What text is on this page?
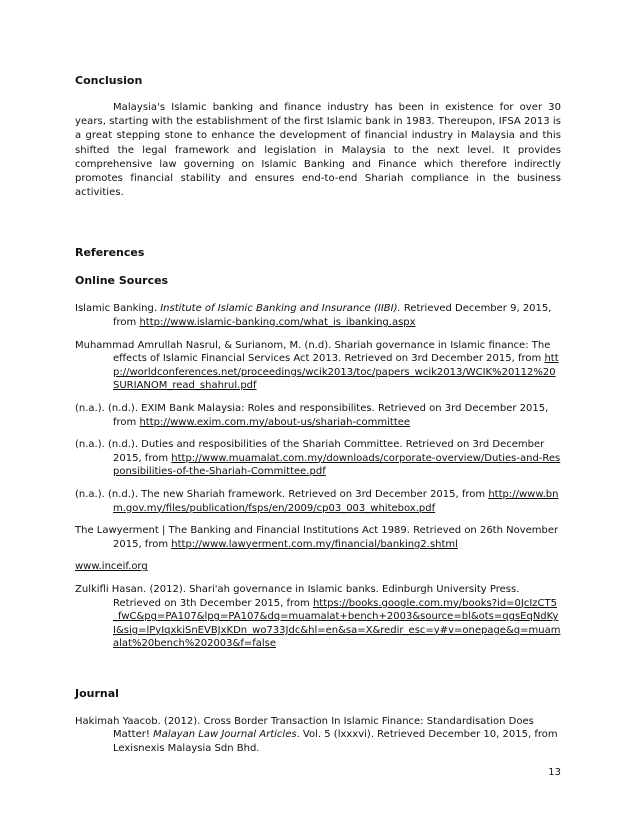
Conclusion

Malaysia's Islamic banking and finance industry has been in existence for over 30 years, starting with the establishment of the first Islamic bank in 1983. Thereupon, IFSA 2013 is a great stepping stone to enhance the development of financial industry in Malaysia and this shifted the legal framework and legislation in Malaysia to the next level. It provides comprehensive law governing on Islamic Banking and Finance which therefore indirectly promotes financial stability and ensures end-to-end Shariah compliance in the business activities.

References

Online Sources

Islamic Banking. Institute of Islamic Banking and Insurance (IIBI). Retrieved December 9, 2015, from http://www.islamic-banking.com/what_is_ibanking.aspx

Muhammad Amrullah Nasrul, & Surianom, M. (n.d). Shariah governance in Islamic finance: The effects of Islamic Financial Services Act 2013. Retrieved on 3rd December 2015, from http://worldconferences.net/proceedings/wcik2013/toc/papers_wcik2013/WCIK%20112%20SURIANOM_read_shahrul.pdf

(n.a.). (n.d.). EXIM Bank Malaysia: Roles and responsibilites. Retrieved on 3rd December 2015, from http://www.exim.com.my/about-us/shariah-committee

(n.a.). (n.d.). Duties and resposibilities of the Shariah Committee. Retrieved on 3rd December 2015, from http://www.muamalat.com.my/downloads/corporate-overview/Duties-and-Responsibilities-of-the-Shariah-Committee.pdf

(n.a.). (n.d.). The new Shariah framework. Retrieved on 3rd December 2015, from http://www.bnm.gov.my/files/publication/fsps/en/2009/cp03_003_whitebox.pdf

The Lawyerment | The Banking and Financial Institutions Act 1989. Retrieved on 26th November 2015, from http://www.lawyerment.com.my/financial/banking2.shtml

www.inceif.org

Zulkifli Hasan. (2012). Shari'ah governance in Islamic banks. Edinburgh University Press. Retrieved on 3th December 2015, from https://books.google.com.my/books?id=0JcIzCT5_fwC&pg=PA107&lpg=PA107&dq=muamalat+bench+2003&source=bl&ots=qgsEqNdKyI&sig=lPyIqxkiSnEVBJxKDn_wo733Jdc&hl=en&sa=X&redir_esc=y#v=onepage&q=muamalat%20bench%202003&f=false

Journal

Hakimah Yaacob. (2012). Cross Border Transaction In Islamic Finance: Standardisation Does Matter! Malayan Law Journal Articles. Vol. 5 (lxxxvi). Retrieved December 10, 2015, from Lexisnexis Malaysia Sdn Bhd.

13
